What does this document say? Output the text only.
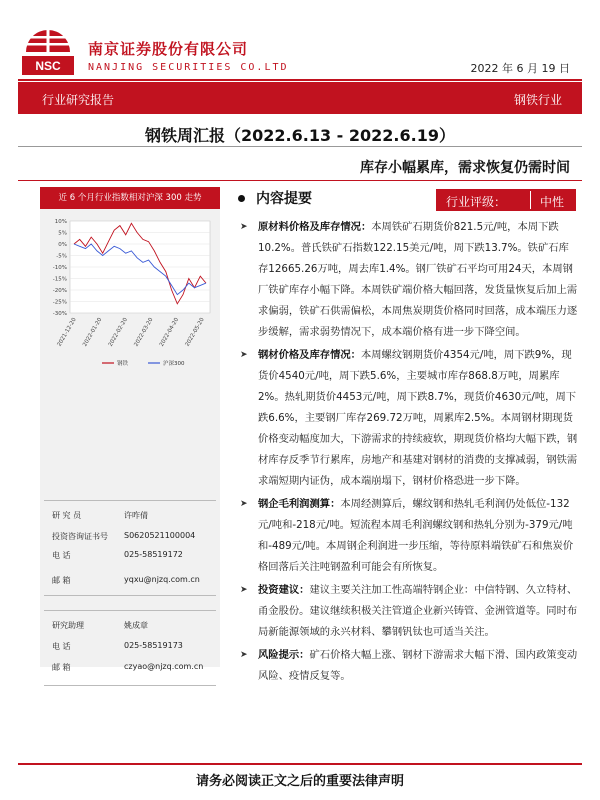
NSC
南京证券股份有限公司
NANJING SECURITIES CO.LTD	2022 年 6 月 19 日
行业研究报告	钢铁行业
钢铁周汇报（2022.6.13 - 2022.6.19）
库存小幅累库，需求恢复仍需时间
近 6 个月行业指数相对沪深 300 走势
10%
5%
0%
-5%
-10%
-15%
-20%
-25%
-30%
2021-12-20 2022-01-20 2022-02-20 2022-03-20 2022-04-20 2022-05-20
钢铁	沪深300
研 究 员	许咋倩
投资咨询证书号 S0620521100004
电 话	025-58519172
邮 箱	yqxu@njzq.com.cn
研究助理	姚成章
电 话	025-58519173
邮 箱	czyao@njzq.com.cn
内容提要	行业评级：	中性
➤ 原材料价格及库存情况：本周铁矿石期货价821.5元/吨，本周下跌10.2%。普氏铁矿石指数122.15美元/吨，周下跌13.7%。铁矿石库存12665.26万吨，周去库1.4%。钢厂铁矿石平均可用24天，本周钢厂铁矿库存小幅下降。本周铁矿端价格大幅回落，发货量恢复后加上需求偏弱，铁矿石供需偏松，本周焦炭期货价格同时回落，成本端压力逐步缓解，需求弱势情况下，成本端价格有进一步下降空间。
➤ 钢材价格及库存情况：本周螺纹钢期货价4354元/吨，周下跌9%，现货价4540元/吨，周下跌5.6%，主要城市库存868.8万吨，周累库2%。热轧期货价4453元/吨，周下跌8.7%，现货价4630元/吨，周下跌6.6%，主要钢厂库存269.72万吨，周累库2.5%。本周钢材期现货价格变动幅度加大，下游需求的持续疲软，期现货价格均大幅下跌，钢材库存反季节行累库，房地产和基建对钢材的消费的支撑减弱，钢铁需求端短期内证伪，成本端崩塌下，钢材价格恐进一步下降。
➤ 钢企毛利润测算：本周经测算后，螺纹钢和热轧毛利润仍处低位-132元/吨和-218元/吨。短流程本周毛利润螺纹钢和热轧分别为-379元/吨和-489元/吨。本周钢企利润进一步压缩，等待原料端铁矿石和焦炭价格回落后关注吨钢盈利可能会有所恢复。
➤ 投资建议：建议主要关注加工性高端特钢企业：中信特钢、久立特材、甬金股份。建议继续积极关注管道企业新兴铸管、金洲管道等。同时布局新能源领域的永兴材料、攀钢钒钛也可适当关注。
➤ 风险提示：矿石价格大幅上涨、钢材下游需求大幅下滑、国内政策变动风险、疫情反复等。
请务必阅读正文之后的重要法律声明
